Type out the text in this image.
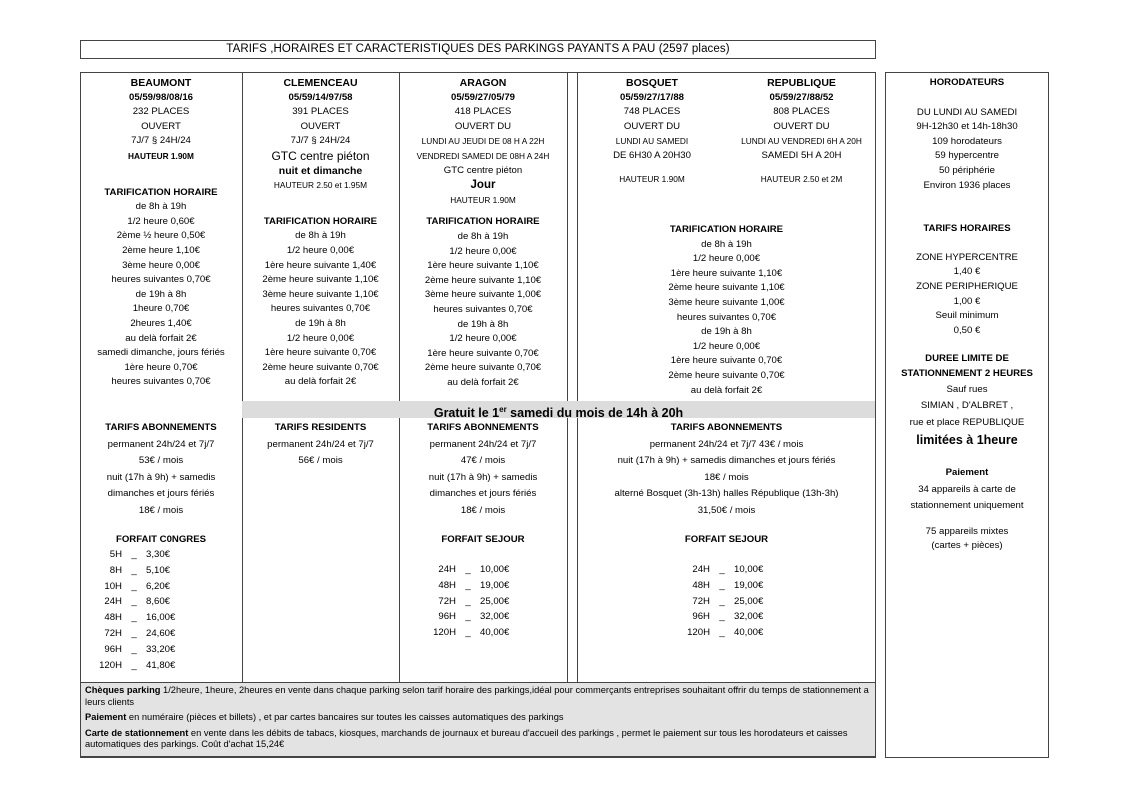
TARIFS ,HORAIRES ET CARACTERISTIQUES DES PARKINGS PAYANTS A PAU (2597 places)
BEAUMONT
05/59/98/08/16
232 PLACES
OUVERT
7J/7 § 24H/24
HAUTEUR 1.90M
TARIFICATION HORAIRE
de 8h à 19h
1/2 heure 0,60€
2ème ½ heure 0,50€
2ème heure 1,10€
3ème heure 0,00€
heures suivantes 0,70€
de 19h à 8h
1heure 0,70€
2heures 1,40€
au delà forfait 2€
samedi dimanche, jours fériés
1ère heure 0,70€
heures suivantes 0,70€
CLEMENCEAU
05/59/14/97/58
391 PLACES
OUVERT
7J/7 § 24H/24
GTC centre piéton
nuit et dimanche
HAUTEUR 2.50 et 1.95M
TARIFICATION HORAIRE
de 8h à 19h
1/2 heure 0,00€
1ère heure suivante 1,40€
2ème heure suivante 1,10€
3ème heure suivante 1,10€
heures suivantes 0,70€
de 19h à 8h
1/2 heure 0,00€
1ère heure suivante 0,70€
2ème heure suivante 0,70€
au delà forfait 2€
ARAGON
05/59/27/05/79
418 PLACES
OUVERT DU
LUNDI AU JEUDI DE 08 H A 22H
VENDREDI SAMEDI DE 08H A 24H
GTC centre piéton
Jour
HAUTEUR 1.90M
TARIFICATION HORAIRE
de 8h à 19h
1/2 heure 0,00€
1ère heure suivante 1,10€
2ème heure suivante 1,10€
3ème heure suivante 1,00€
heures suivantes 0,70€
de 19h à 8h
1/2 heure 0,00€
1ère heure suivante 0,70€
2ème heure suivante 0,70€
au delà forfait 2€
BOSQUET
05/59/27/17/88
748 PLACES
OUVERT DU
LUNDI AU SAMEDI
DE 6H30 A 20H30
HAUTEUR 1.90M
REPUBLIQUE
05/59/27/88/52
808 PLACES
OUVERT DU
LUNDI AU VENDREDI 6H A 20H
SAMEDI 5H A 20H
HAUTEUR 2.50 et 2M
TARIFICATION HORAIRE
de 8h à 19h
1/2 heure 0,00€
1ère heure suivante 1,10€
2ème heure suivante 1,10€
3ème heure suivante 1,00€
heures suivantes 0,70€
de 19h à 8h
1/2 heure 0,00€
1ère heure suivante 0,70€
2ème heure suivante 0,70€
au delà forfait 2€
Gratuit le 1er samedi du mois de 14h à 20h
TARIFS ABONNEMENTS
permanent 24h/24 et 7j/7
53€ / mois
nuit (17h à 9h) + samedis
dimanches et jours fériés
18€ / mois
FORFAIT C0NGRES
5H _ 3,30€
8H _ 5,10€
10H _ 6,20€
24H _ 8,60€
48H _ 16,00€
72H _ 24,60€
96H _ 33,20€
120H _ 41,80€
TARIFS RESIDENTS
permanent 24h/24 et 7j/7
56€ / mois
TARIFS ABONNEMENTS
permanent 24h/24 et 7j/7
47€ / mois
nuit (17h à 9h) + samedis
dimanches et jours fériés
18€ / mois
FORFAIT SEJOUR
24H _ 10,00€
48H _ 19,00€
72H _ 25,00€
96H _ 32,00€
120H _ 40,00€
TARIFS ABONNEMENTS
permanent 24h/24 et 7j/7 43€ / mois
nuit (17h à 9h) + samedis dimanches et jours fériés
18€ / mois
alterné Bosquet (3h-13h) halles République (13h-3h)
31,50€ / mois
FORFAIT SEJOUR
24H _ 10,00€
48H _ 19,00€
72H _ 25,00€
96H _ 32,00€
120H _ 40,00€
HORODATEURS
DU LUNDI AU SAMEDI
9H-12h30 et 14h-18h30
109 horodateurs
59 hypercentre
50 périphérie
Environ 1936 places
TARIFS HORAIRES
ZONE HYPERCENTRE
1,40 €
ZONE PERIPHERIQUE
1,00 €
Seuil minimum
0,50 €
DUREE LIMITE DE
STATIONNEMENT 2 HEURES
Sauf rues
SIMIAN , D'ALBRET ,
rue et place REPUBLIQUE
limitées à 1heure
Paiement
34 appareils à carte de
stationnement uniquement
75 appareils mixtes
(cartes + pièces)

Chèques parking 1/2heure, 1heure, 2heures en vente dans chaque parking selon tarif horaire des parkings,idéal pour commerçants entreprises souhaitant offrir du temps de stationnement a leurs clients

Paiement en numéraire (pièces et billets) , et par cartes bancaires sur toutes les caisses automatiques des parkings

Carte de stationnement en vente dans les débits de tabacs, kiosques, marchands de journaux et bureau d'accueil des parkings , permet le paiement sur tous les horodateurs et caisses automatiques des parkings. Coût d'achat 15,24€
